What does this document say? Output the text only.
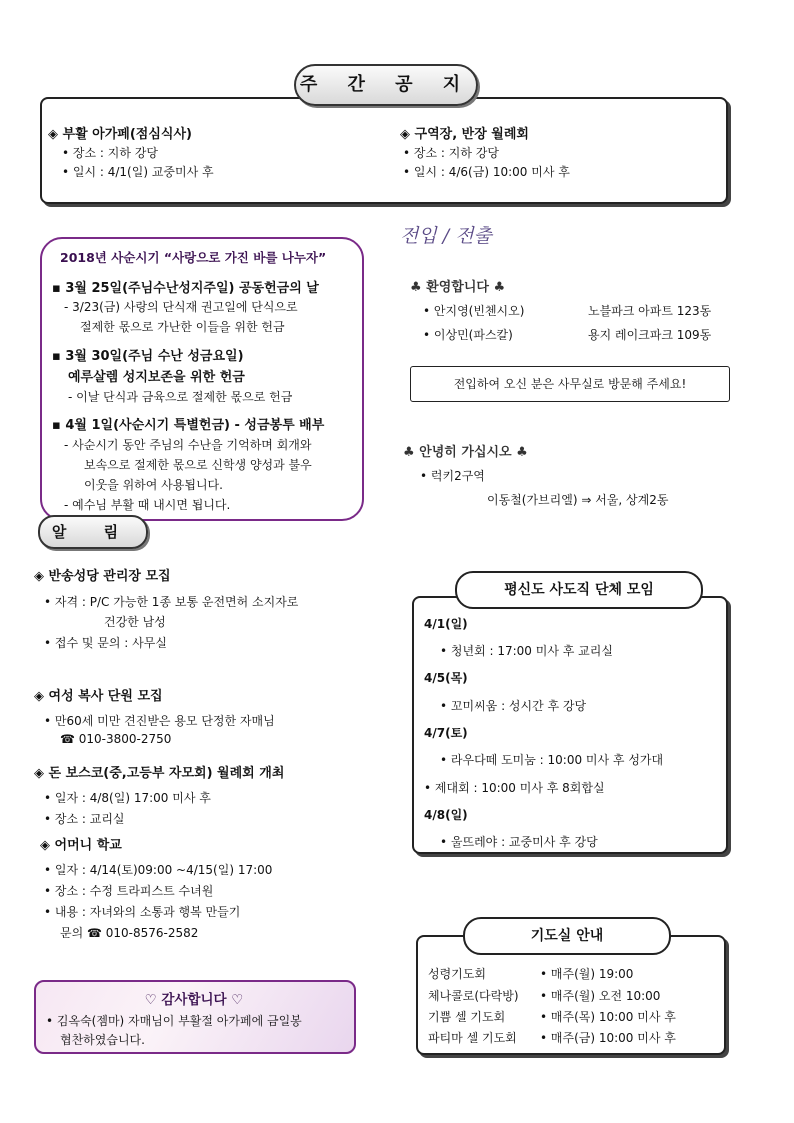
주 간 공 지
◈ 부활 아가페(점심식사)
• 장소 : 지하 강당
• 일시 : 4/1(일) 교중미사 후
◈ 구역장, 반장 월례회
• 장소 : 지하 강당
• 일시 : 4/6(금) 10:00 미사 후
2018년 사순시기 “사랑으로 가진 바를 나누자”
▪ 3월 25일(주님수난성지주일) 공동헌금의 날
- 3/23(금) 사랑의 단식재 권고일에 단식으로
절제한 몫으로 가난한 이들을 위한 헌금
▪ 3월 30일(주님 수난 성금요일)
예루살렘 성지보존을 위한 헌금
- 이날 단식과 금육으로 절제한 몫으로 헌금
▪ 4월 1일(사순시기 특별헌금) - 성금봉투 배부
- 사순시기 동안 주님의 수난을 기억하며 회개와
보속으로 절제한 몫으로 신학생 양성과 불우
이웃을 위하여 사용됩니다.
- 예수님 부활 때 내시면 됩니다.
전입 / 전출
♣ 환영합니다 ♣
• 안지영(빈첸시오)	노블파크 아파트 123동
• 이상민(파스칼)	용지 레이크파크 109동
전입하여 오신 분은 사무실로 방문해 주세요!
♣ 안녕히 가십시오 ♣
• 럭키2구역
이동철(가브리엘) ⇒ 서울, 상계2동
알 림
◈ 반송성당 관리장 모집
• 자격 : P/C 가능한 1종 보통 운전면허 소지자로
건강한 남성
• 접수 및 문의 : 사무실
◈ 여성 복사 단원 모집
• 만60세 미만 견진받은 용모 단정한 자매님
☎ 010-3800-2750
◈ 돈 보스코(중,고등부 자모회) 월례회 개최
• 일자 : 4/8(일) 17:00 미사 후
• 장소 : 교리실
◈ 어머니 학교
• 일자 : 4/14(토)09:00 ~4/15(일) 17:00
• 장소 : 수정 트라피스트 수녀원
• 내용 : 자녀와의 소통과 행복 만들기
문의 ☎ 010-8576-2582
♡ 감사합니다 ♡
• 김옥숙(젬마) 자매님이 부활절 아가페에 금일봉
협찬하였습니다.
평신도 사도직 단체 모임
4/1(일)
• 청년회 : 17:00 미사 후 교리실
4/5(목)
• 꼬미씨움 : 성시간 후 강당
4/7(토)
• 라우다떼 도미눔 : 10:00 미사 후 성가대
• 제대회 : 10:00 미사 후 8회합실
4/8(일)
• 울뜨레야 : 교중미사 후 강당
기도실 안내
성령기도회	• 매주(월) 19:00
체나콜로(다락방) • 매주(월) 오전 10:00
기쁨 셀 기도회	• 매주(목) 10:00 미사 후
파티마 셀 기도회 • 매주(금) 10:00 미사 후
